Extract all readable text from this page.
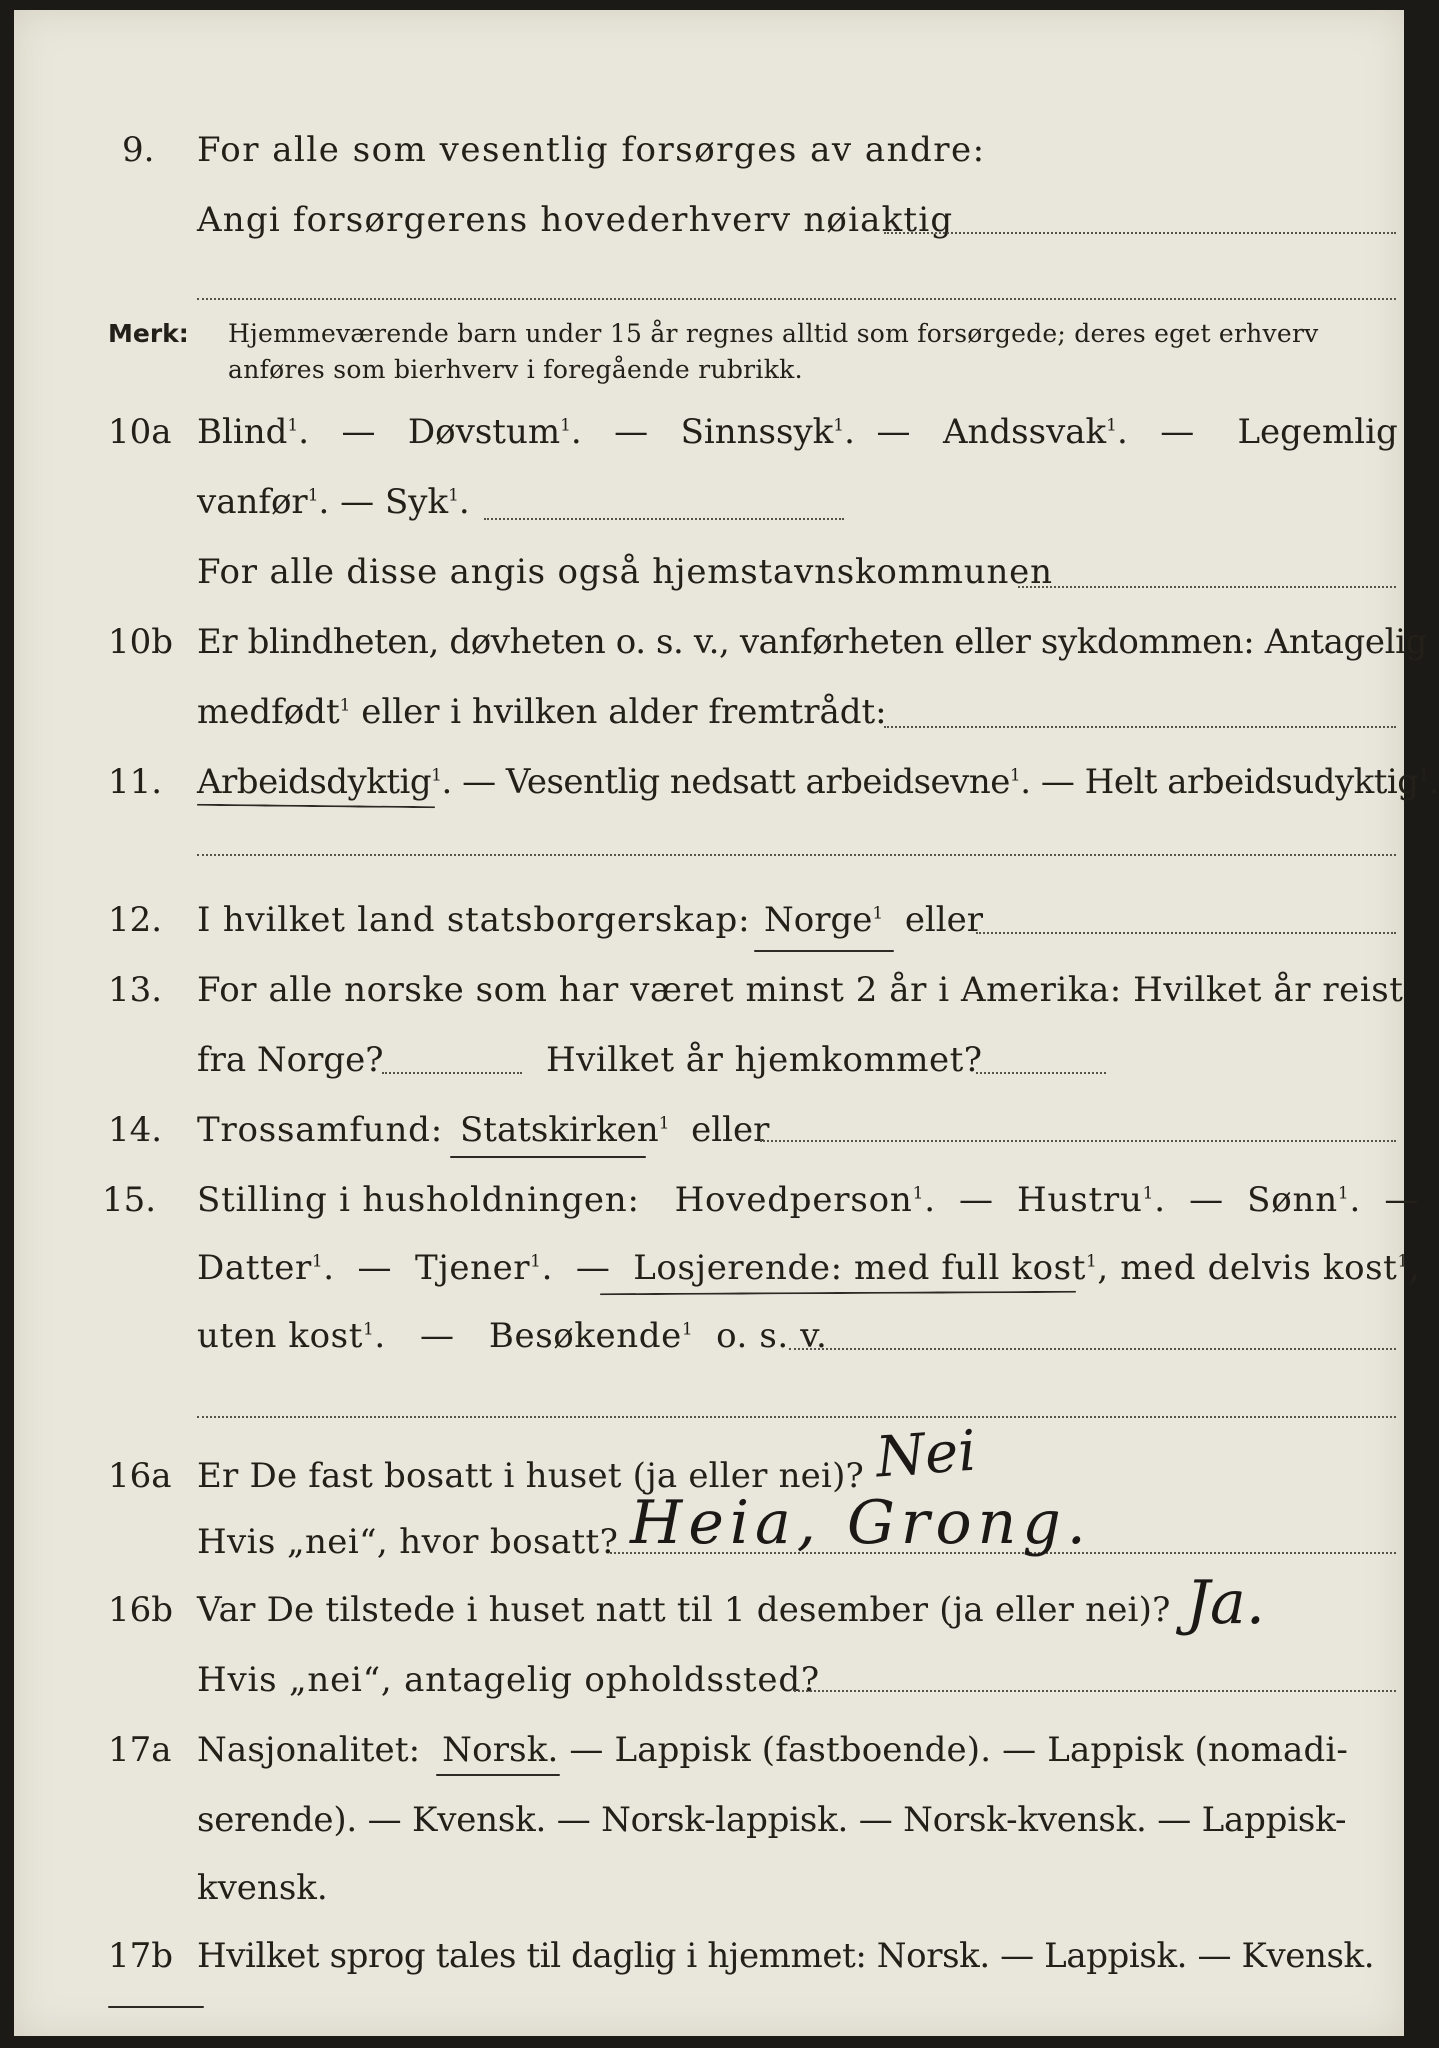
9. For alle som vesentlig forsørges av andre:
Angi forsørgerens hovederhverv nøiaktig
Merk: Hjemmeværende barn under 15 år regnes alltid som forsørgede; deres eget erhverv
anføres som bierhverv i foregående rubrikk.
10a Blind$^1$.   — Døvstum$^1$.   — Sinnssyk$^1$.  — Andssvak$^1$.   — Legemlig
vanfør$^1$. — Syk$^1$.
For alle disse angis også hjemstavnskommunen
10b Er blindheten, døvheten o. s. v., vanførheten eller sykdommen: Antagelig
medfødt$^1$ eller i hvilken alder fremtrådt:
11. Arbeidsdyktig$^1$. — Vesentlig nedsatt arbeidsevne$^1$. — Helt arbeidsudyktig$^1$.
12. I hvilket land statsborgerskap: Norge$^1$ eller
13. For alle norske som har været minst 2 år i Amerika: Hvilket år reist
fra Norge?	Hvilket år hjemkommet?
14. Trossamfund: Statskirken$^1$ eller
15. Stilling i husholdningen: Hovedperson$^1$.  — Hustru$^1$.  — Sønn$^1$.  —
Datter$^1$.  — Tjener$^1$.  — Losjerende: med full kost$^1$, med delvis kost$^1$,
uten kost$^1$.   — Besøkende$^1$ o. s. v.
16a Er De fast bosatt i huset (ja eller nei)? Nei
Hvis „nei“, hvor bosatt? Heia, Grong.
16b Var De tilstede i huset natt til 1 desember (ja eller nei)? Ja.
Hvis „nei“, antagelig opholdssted?
17a Nasjonalitet: Norsk. — Lappisk (fastboende). — Lappisk (nomadi-
serende). — Kvensk. — Norsk-lappisk. — Norsk-kvensk. — Lappisk-
kvensk.
17b Hvilket sprog tales til daglig i hjemmet: Norsk. — Lappisk. — Kvensk.
